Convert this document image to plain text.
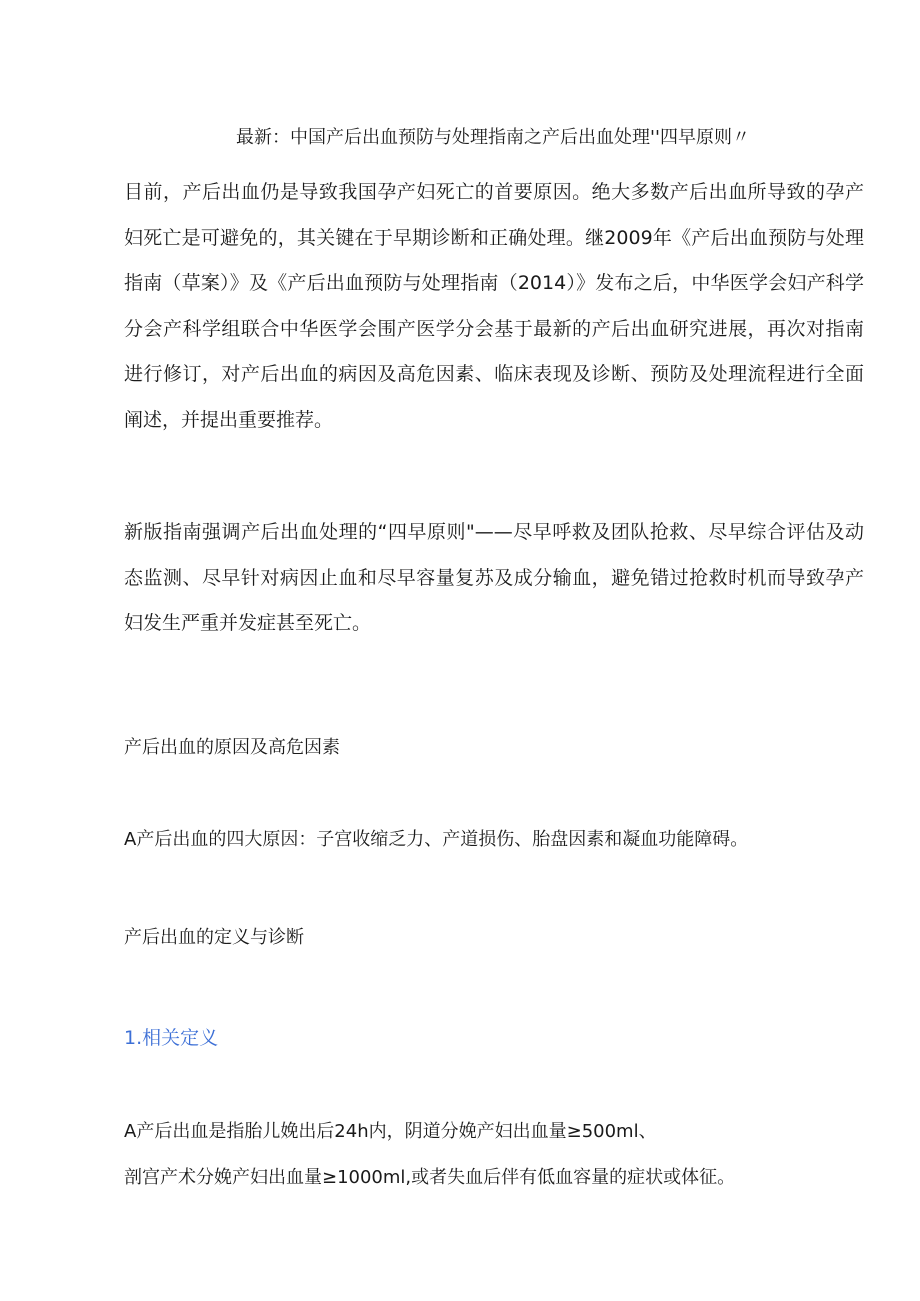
最新：中国产后出血预防与处理指南之产后出血处理''四早原则〃

目前，产后出血仍是导致我国孕产妇死亡的首要原因。绝大多数产后出血所导致的孕产妇死亡是可避免的，其关键在于早期诊断和正确处理。继2009年《产后出血预防与处理指南（草案）》及《产后出血预防与处理指南（2014）》发布之后，中华医学会妇产科学分会产科学组联合中华医学会围产医学分会基于最新的产后出血研究进展，再次对指南进行修订，对产后出血的病因及高危因素、临床表现及诊断、预防及处理流程进行全面阐述，并提出重要推荐。

新版指南强调产后出血处理的“四早原则"——尽早呼救及团队抢救、尽早综合评估及动态监测、尽早针对病因止血和尽早容量复苏及成分输血，避免错过抢救时机而导致孕产妇发生严重并发症甚至死亡。

产后出血的原因及高危因素
A产后出血的四大原因：子宫收缩乏力、产道损伤、胎盘因素和凝血功能障碍。
产后出血的定义与诊断
1.相关定义
A产后出血是指胎儿娩出后24h内，阴道分娩产妇出血量≥500ml、
剖宫产术分娩产妇出血量≥1000ml,或者失血后伴有低血容量的症状或体征。
